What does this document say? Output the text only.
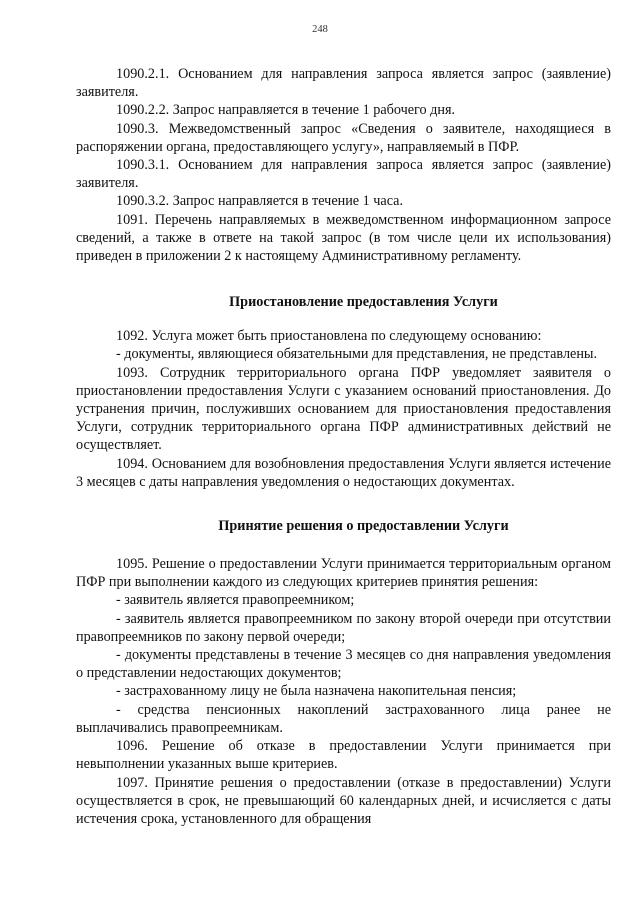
248

1090.2.1. Основанием для направления запроса является запрос (заявление) заявителя.

1090.2.2. Запрос направляется в течение 1 рабочего дня.

1090.3. Межведомственный запрос «Сведения о заявителе, находящиеся в распоряжении органа, предоставляющего услугу», направляемый в ПФР.

1090.3.1. Основанием для направления запроса является запрос (заявление) заявителя.

1090.3.2. Запрос направляется в течение 1 часа.

1091. Перечень направляемых в межведомственном информационном запросе сведений, а также в ответе на такой запрос (в том числе цели их использования) приведен в приложении 2 к настоящему Административному регламенту.

Приостановление предоставления Услуги

1092. Услуга может быть приостановлена по следующему основанию:

- документы, являющиеся обязательными для представления, не представлены.

1093. Сотрудник территориального органа ПФР уведомляет заявителя о приостановлении предоставления Услуги с указанием оснований приостановления. До устранения причин, послуживших основанием для приостановления предоставления Услуги, сотрудник территориального органа ПФР административных действий не осуществляет.

1094. Основанием для возобновления предоставления Услуги является истечение 3 месяцев с даты направления уведомления о недостающих документах.

Принятие решения о предоставлении Услуги

1095. Решение о предоставлении Услуги принимается территориальным органом ПФР при выполнении каждого из следующих критериев принятия решения:

- заявитель является правопреемником;

- заявитель является правопреемником по закону второй очереди при отсутствии правопреемников по закону первой очереди;

- документы представлены в течение 3 месяцев со дня направления уведомления о представлении недостающих документов;

- застрахованному лицу не была назначена накопительная пенсия;

- средства пенсионных накоплений застрахованного лица ранее не выплачивались правопреемникам.

1096. Решение об отказе в предоставлении Услуги принимается при невыполнении указанных выше критериев.

1097. Принятие решения о предоставлении (отказе в предоставлении) Услуги осуществляется в срок, не превышающий 60 календарных дней, и исчисляется с даты истечения срока, установленного для обращения
